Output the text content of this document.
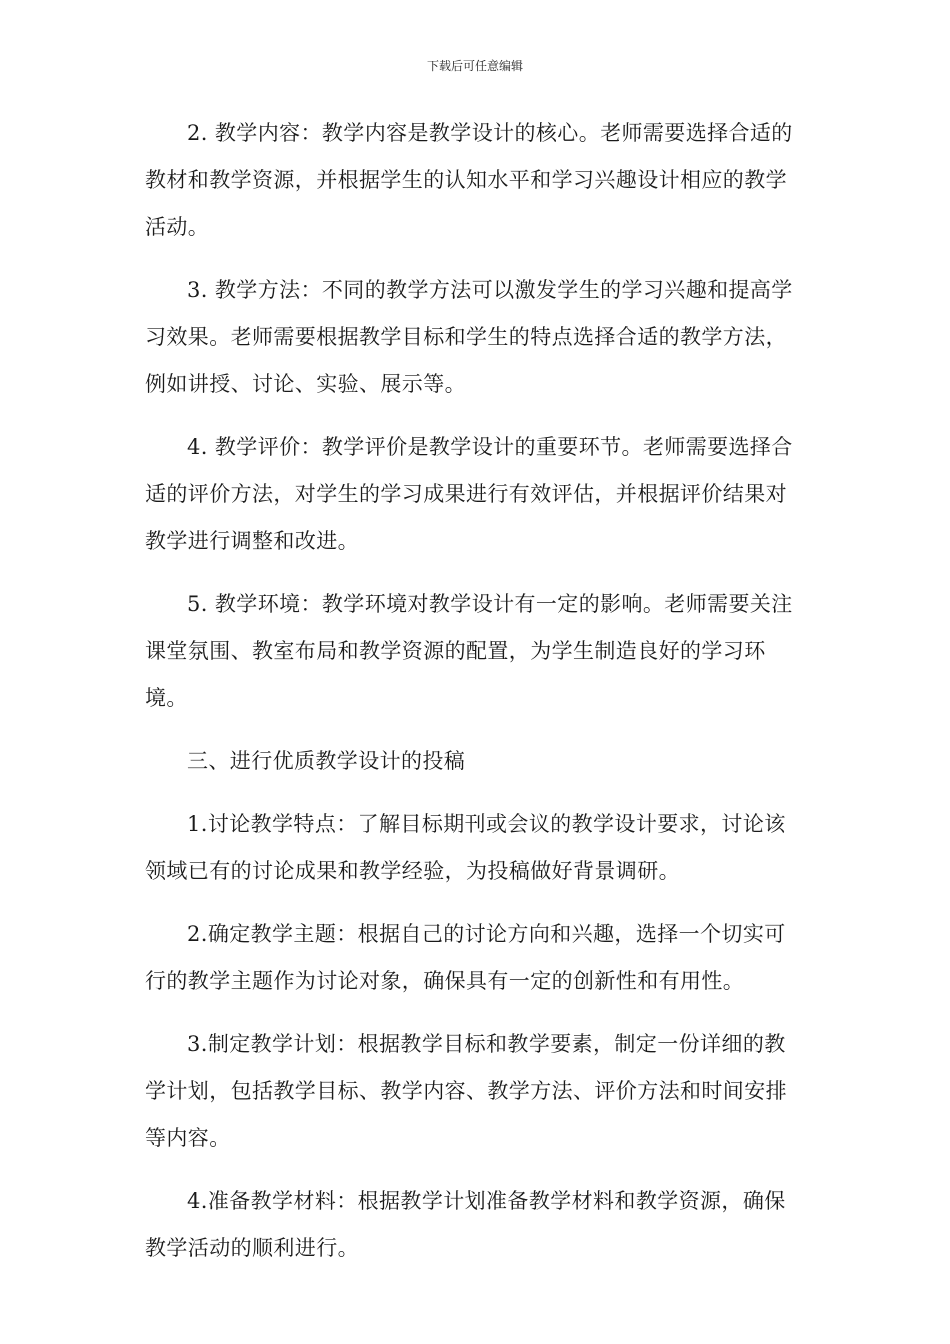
下载后可任意编辑

2. 教学内容：教学内容是教学设计的核心。老师需要选择合适的教材和教学资源，并根据学生的认知水平和学习兴趣设计相应的教学活动。

3. 教学方法：不同的教学方法可以激发学生的学习兴趣和提高学习效果。老师需要根据教学目标和学生的特点选择合适的教学方法，例如讲授、讨论、实验、展示等。

4. 教学评价：教学评价是教学设计的重要环节。老师需要选择合适的评价方法，对学生的学习成果进行有效评估，并根据评价结果对教学进行调整和改进。

5. 教学环境：教学环境对教学设计有一定的影响。老师需要关注课堂氛围、教室布局和教学资源的配置，为学生制造良好的学习环境。

三、进行优质教学设计的投稿

1.讨论教学特点：了解目标期刊或会议的教学设计要求，讨论该领域已有的讨论成果和教学经验，为投稿做好背景调研。

2.确定教学主题：根据自己的讨论方向和兴趣，选择一个切实可行的教学主题作为讨论对象，确保具有一定的创新性和有用性。

3.制定教学计划：根据教学目标和教学要素，制定一份详细的教学计划，包括教学目标、教学内容、教学方法、评价方法和时间安排等内容。

4.准备教学材料：根据教学计划准备教学材料和教学资源，确保教学活动的顺利进行。
